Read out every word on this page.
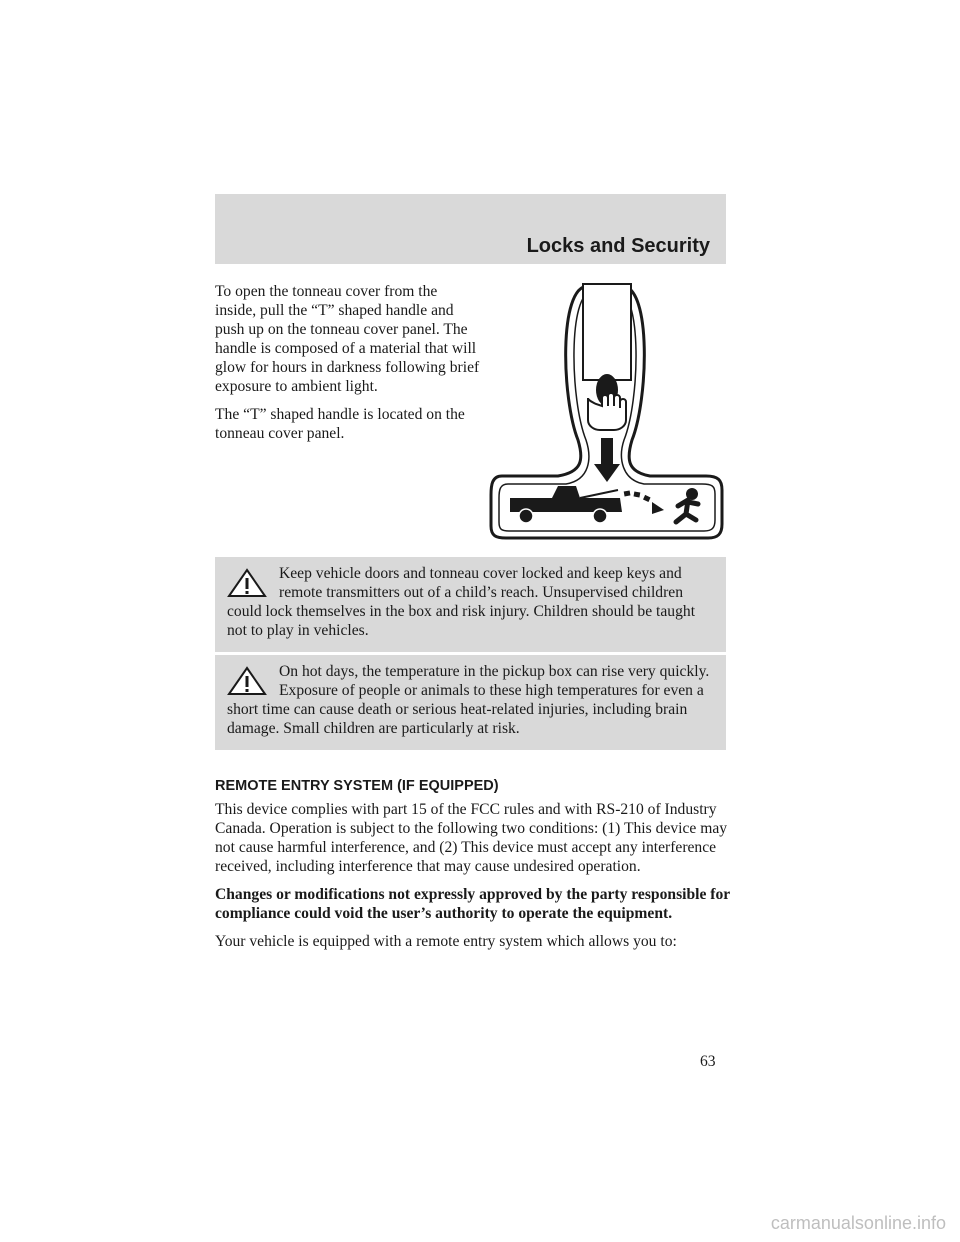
Locks and Security

To open the tonneau cover from the inside, pull the “T” shaped handle and push up on the tonneau cover panel. The handle is composed of a material that will glow for hours in darkness following brief exposure to ambient light.

The “T” shaped handle is located on the tonneau cover panel.

Keep vehicle doors and tonneau cover locked and keep keys and remote transmitters out of a child’s reach. Unsupervised children could lock themselves in the box and risk injury. Children should be taught not to play in vehicles.

On hot days, the temperature in the pickup box can rise very quickly. Exposure of people or animals to these high temperatures for even a short time can cause death or serious heat-related injuries, including brain damage. Small children are particularly at risk.

REMOTE ENTRY SYSTEM (IF EQUIPPED)

This device complies with part 15 of the FCC rules and with RS-210 of Industry Canada. Operation is subject to the following two conditions: (1) This device may not cause harmful interference, and (2) This device must accept any interference received, including interference that may cause undesired operation.

Changes or modifications not expressly approved by the party responsible for compliance could void the user’s authority to operate the equipment.

Your vehicle is equipped with a remote entry system which allows you to:

63
carmanualsonline.info
